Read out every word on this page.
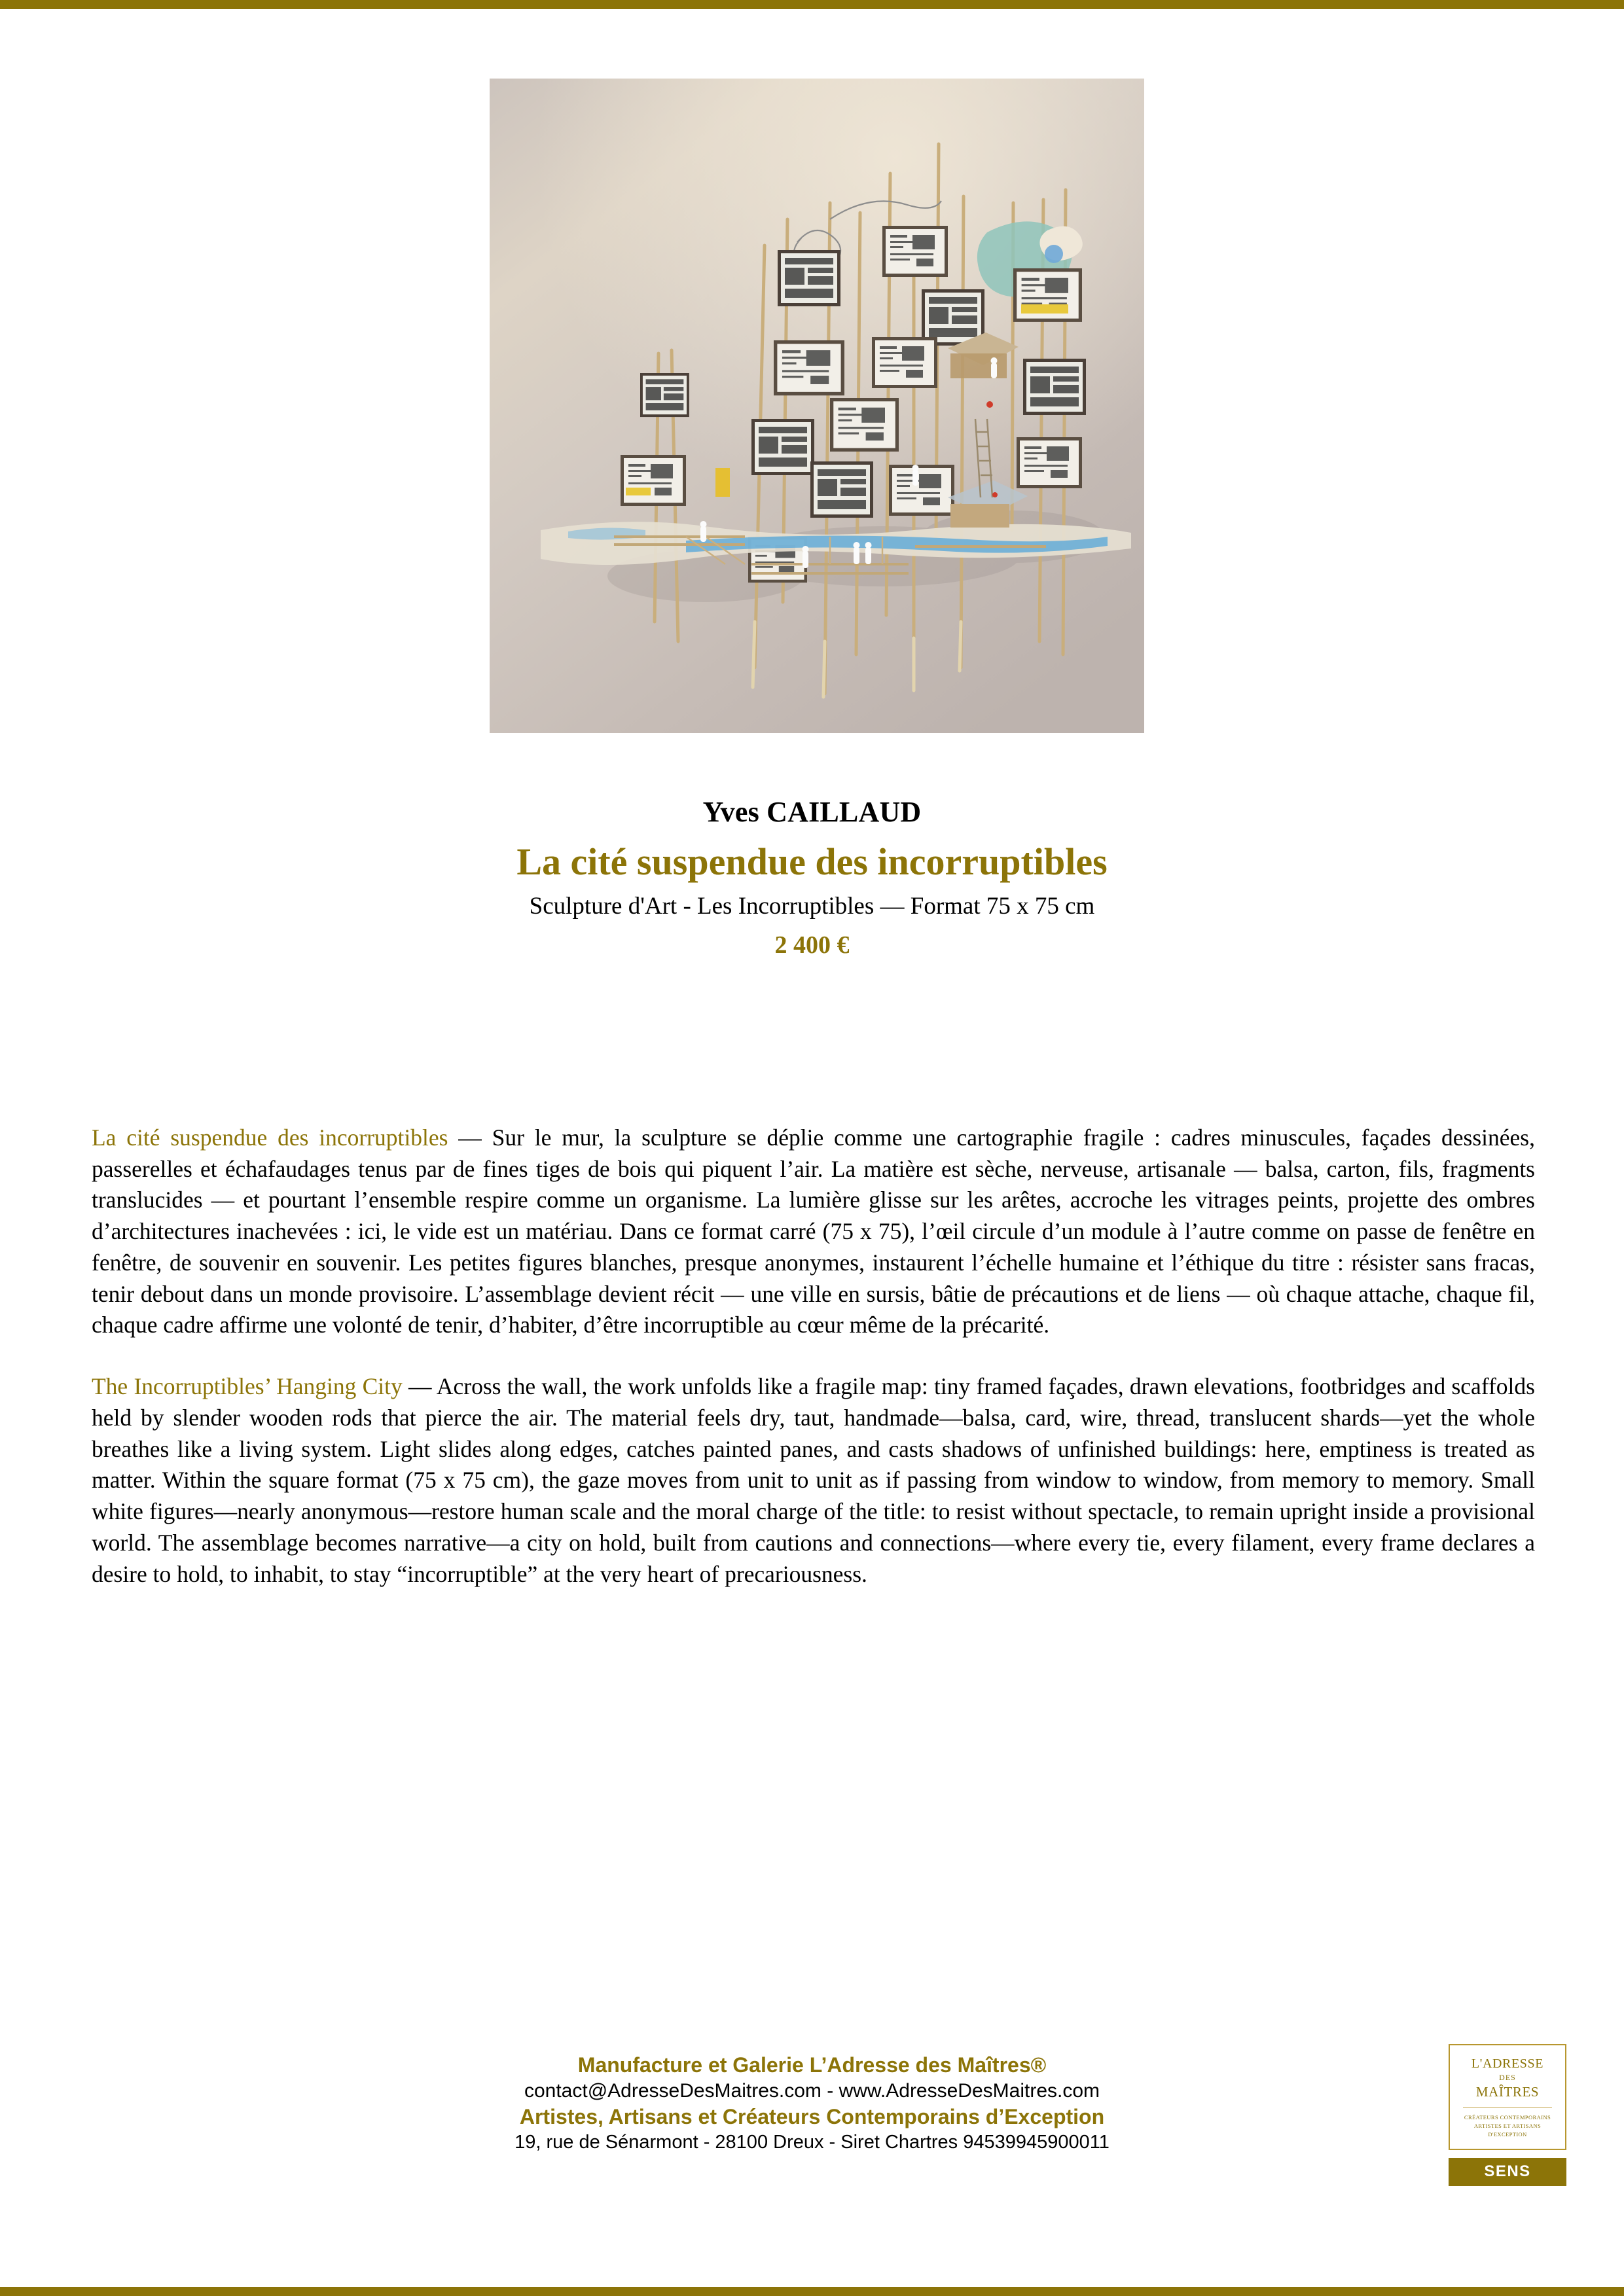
Yves CAILLAUD
La cité suspendue des incorruptibles
Sculpture d'Art - Les Incorruptibles — Format 75 x 75 cm
2 400 €

La cité suspendue des incorruptibles — Sur le mur, la sculpture se déplie comme une cartographie fragile : cadres minuscules, façades dessinées, passerelles et échafaudages tenus par de fines tiges de bois qui piquent l’air. La matière est sèche, nerveuse, artisanale — balsa, carton, fils, fragments translucides — et pourtant l’ensemble respire comme un organisme. La lumière glisse sur les arêtes, accroche les vitrages peints, projette des ombres d’architectures inachevées : ici, le vide est un matériau. Dans ce format carré (75 x 75), l’œil circule d’un module à l’autre comme on passe de fenêtre en fenêtre, de souvenir en souvenir. Les petites figures blanches, presque anonymes, instaurent l’échelle humaine et l’éthique du titre : résister sans fracas, tenir debout dans un monde provisoire. L’assemblage devient récit — une ville en sursis, bâtie de précautions et de liens — où chaque attache, chaque fil, chaque cadre affirme une volonté de tenir, d’habiter, d’être incorruptible au cœur même de la précarité.

The Incorruptibles’ Hanging City — Across the wall, the work unfolds like a fragile map: tiny framed façades, drawn elevations, footbridges and scaffolds held by slender wooden rods that pierce the air. The material feels dry, taut, handmade—balsa, card, wire, thread, translucent shards—yet the whole breathes like a living system. Light slides along edges, catches painted panes, and casts shadows of unfinished buildings: here, emptiness is treated as matter. Within the square format (75 x 75 cm), the gaze moves from unit to unit as if passing from window to window, from memory to memory. Small white figures—nearly anonymous—restore human scale and the moral charge of the title: to resist without spectacle, to remain upright inside a provisional world. The assemblage becomes narrative—a city on hold, built from cautions and connections—where every tie, every filament, every frame declares a desire to hold, to inhabit, to stay “incorruptible” at the very heart of precariousness.

Manufacture et Galerie L’Adresse des Maîtres®
contact@AdresseDesMaitres.com - www.AdresseDesMaitres.com
Artistes, Artisans et Créateurs Contemporains d’Exception
19, rue de Sénarmont - 28100 Dreux - Siret Chartres 94539945900011
L'ADRESSE
DES
MAÎTRES
CRÉATEURS CONTEMPORAINS
ARTISTES ET ARTISANS
D'EXCEPTION
SENS
